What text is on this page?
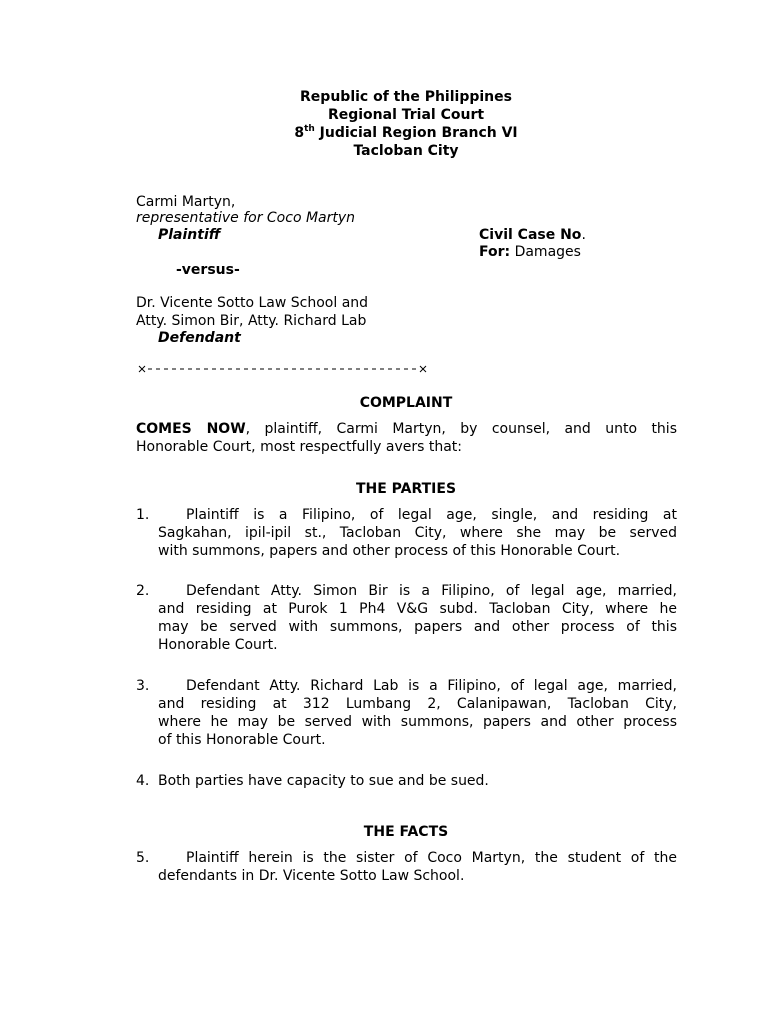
Republic of the Philippines
Regional Trial Court
8th Judicial Region Branch VI
Tacloban City
Carmi Martyn,
representative for Coco Martyn
Plaintiff
-versus-
Dr. Vicente Sotto Law School and
Atty. Simon Bir, Atty. Richard Lab
Defendant
Civil Case No.
For: Damages
COMPLAINT
COMES NOW, plaintiff, Carmi Martyn, by counsel, and unto this
Honorable Court, most respectfully avers that:
THE PARTIES
1.	Plaintiff is a Filipino, of legal age, single, and residing at
Sagkahan, ipil-ipil st., Tacloban City, where she may be served
with summons, papers and other process of this Honorable Court.
2.	Defendant Atty. Simon Bir is a Filipino, of legal age, married,
and residing at Purok 1 Ph4 V&G subd. Tacloban City, where he
may be served with summons, papers and other process of this
Honorable Court.
3.	Defendant Atty. Richard Lab is a Filipino, of legal age, married,
and residing at 312 Lumbang 2, Calanipawan, Tacloban City,
where he may be served with summons, papers and other process
of this Honorable Court.
4. Both parties have capacity to sue and be sued.
THE FACTS
5.	Plaintiff herein is the sister of Coco Martyn, the student of the
defendants in Dr. Vicente Sotto Law School.
